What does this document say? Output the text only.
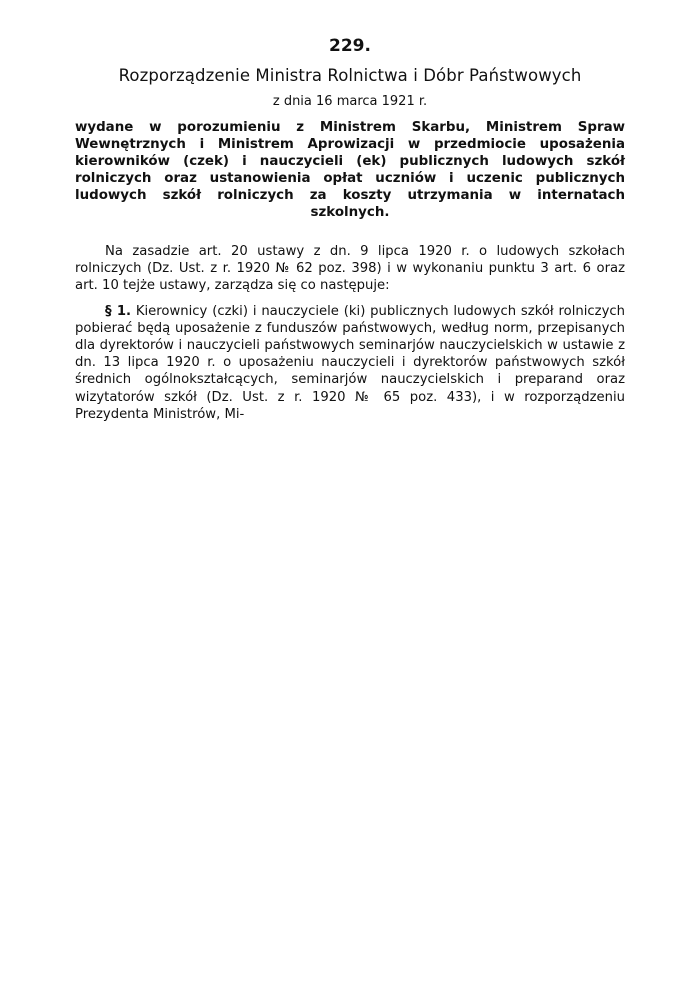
229.
Rozporządzenie Ministra Rolnictwa i Dóbr Państwowych
z dnia 16 marca 1921 r.
wydane w porozumieniu z Ministrem Skarbu, Ministrem Spraw Wewnętrznych i Ministrem Aprowizacji w przedmiocie uposażenia kierowników (czek) i nauczycieli (ek) publicznych ludowych szkół rolniczych oraz ustanowienia opłat uczniów i uczenic publicznych ludowych szkół rolniczych za koszty utrzymania w internatach szkolnych.

Na zasadzie art. 20 ustawy z dn. 9 lipca 1920 r. o ludowych szkołach rolniczych (Dz. Ust. z r. 1920 № 62 poz. 398) i w wykonaniu punktu 3 art. 6 oraz art. 10 tejże ustawy, zarządza się co następuje:

§ 1. Kierownicy (czki) i nauczyciele (ki) publicznych ludowych szkół rolniczych pobierać będą uposażenie z funduszów państwowych, według norm, przepisanych dla dyrektorów i nauczycieli państwowych seminarjów nauczycielskich w ustawie z dn. 13 lipca 1920 r. o uposażeniu nauczycieli i dyrektorów państwowych szkół średnich ogólnokształcących, seminarjów nauczycielskich i preparand oraz wizytatorów szkół (Dz. Ust. z r. 1920 № 65 poz. 433), i w rozporządzeniu Prezydenta Ministrów, Mi-
